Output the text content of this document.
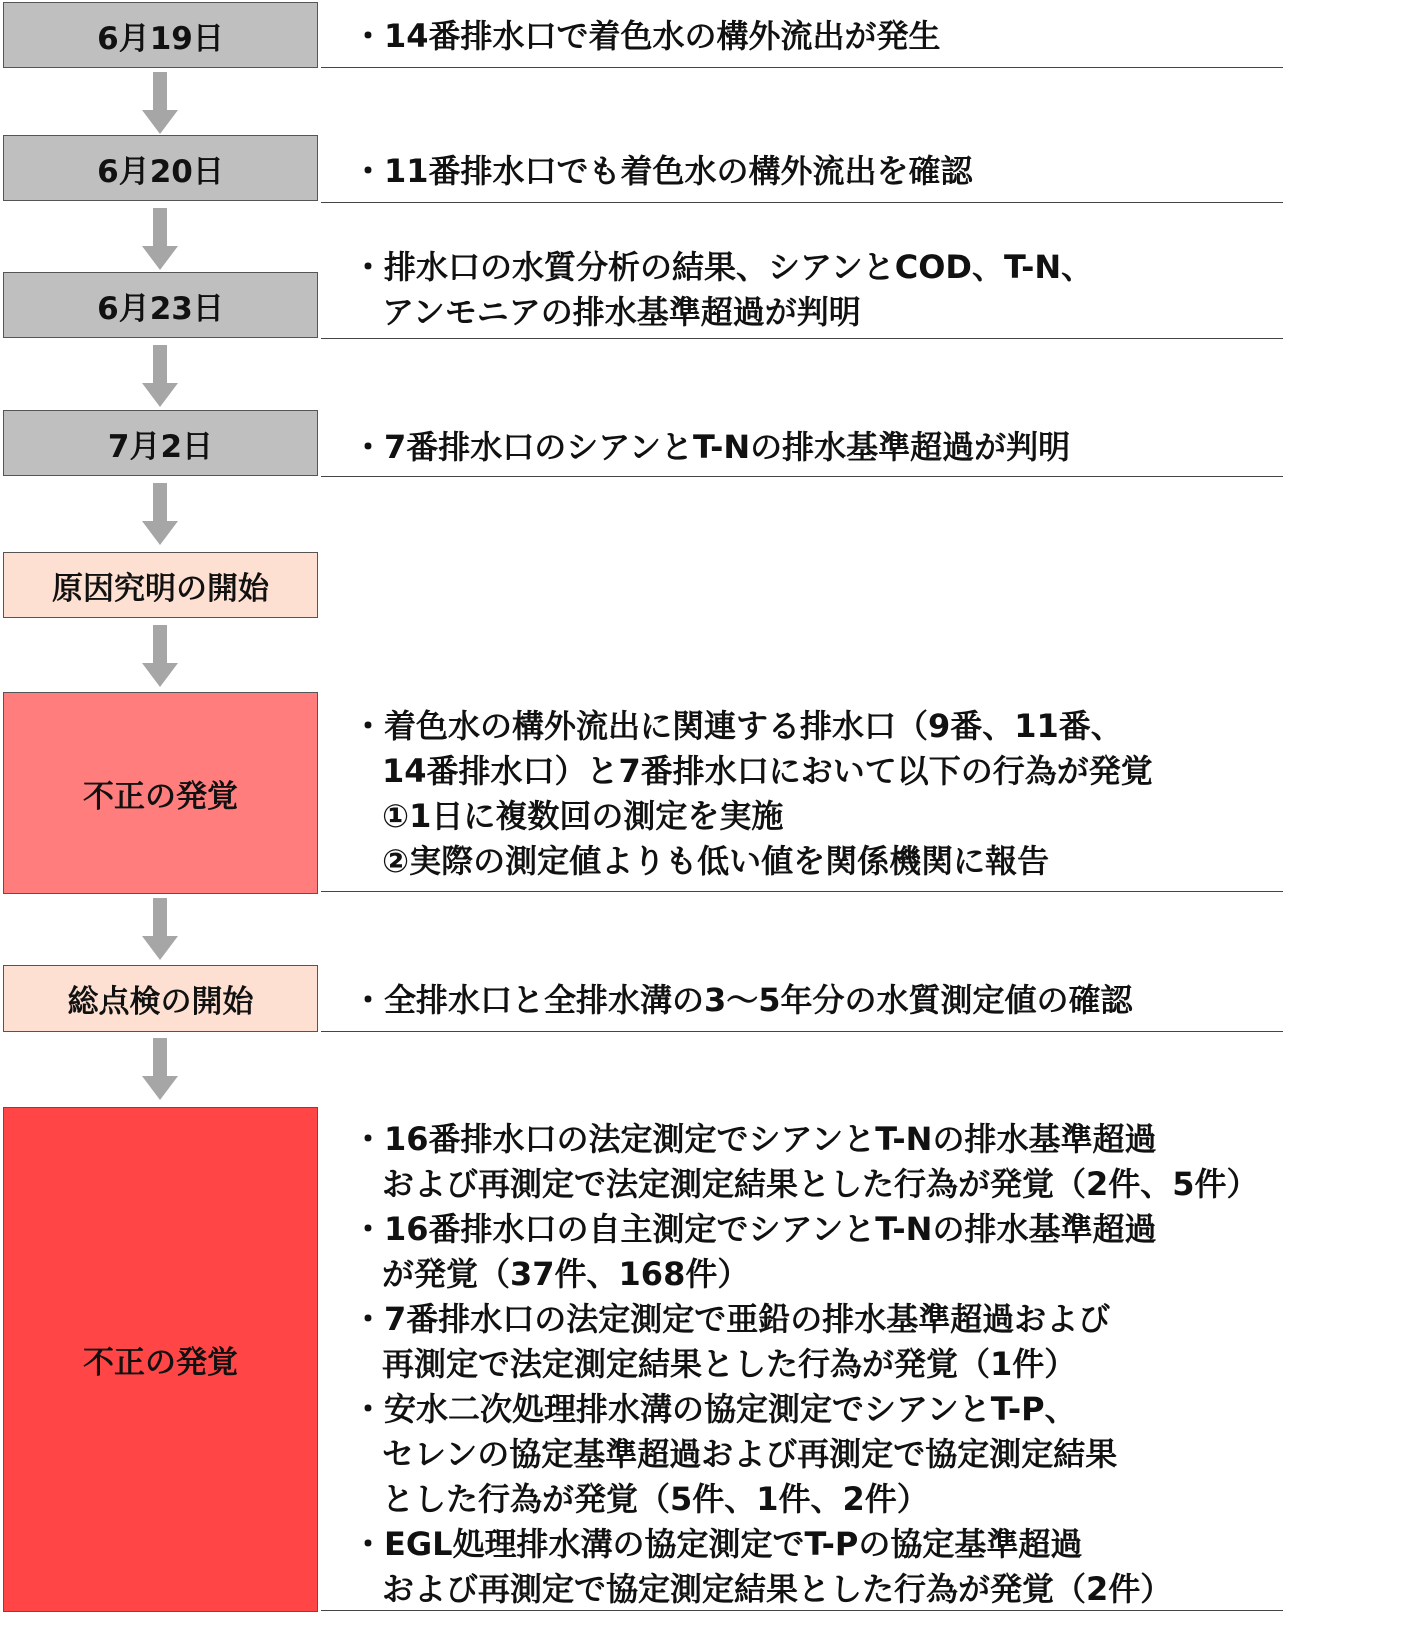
6月19日
6月20日
6月23日
7月2日
原因究明の開始
不正の発覚
総点検の開始
不正の発覚
・14番排水口で着色水の構外流出が発生
・11番排水口でも着色水の構外流出を確認
・排水口の水質分析の結果、シアンとCOD、T-N、
アンモニアの排水基準超過が判明
・7番排水口のシアンとT-Nの排水基準超過が判明
・着色水の構外流出に関連する排水口（9番、11番、
14番排水口）と7番排水口において以下の行為が発覚
①1日に複数回の測定を実施
②実際の測定値よりも低い値を関係機関に報告
・全排水口と全排水溝の3～5年分の水質測定値の確認
・16番排水口の法定測定でシアンとT-Nの排水基準超過
および再測定で法定測定結果とした行為が発覚（2件、5件）
・16番排水口の自主測定でシアンとT-Nの排水基準超過
が発覚（37件、168件）
・7番排水口の法定測定で亜鉛の排水基準超過および
再測定で法定測定結果とした行為が発覚（1件）
・安水二次処理排水溝の協定測定でシアンとT-P、
セレンの協定基準超過および再測定で協定測定結果
とした行為が発覚（5件、1件、2件）
・EGL処理排水溝の協定測定でT-Pの協定基準超過
および再測定で協定測定結果とした行為が発覚（2件）
